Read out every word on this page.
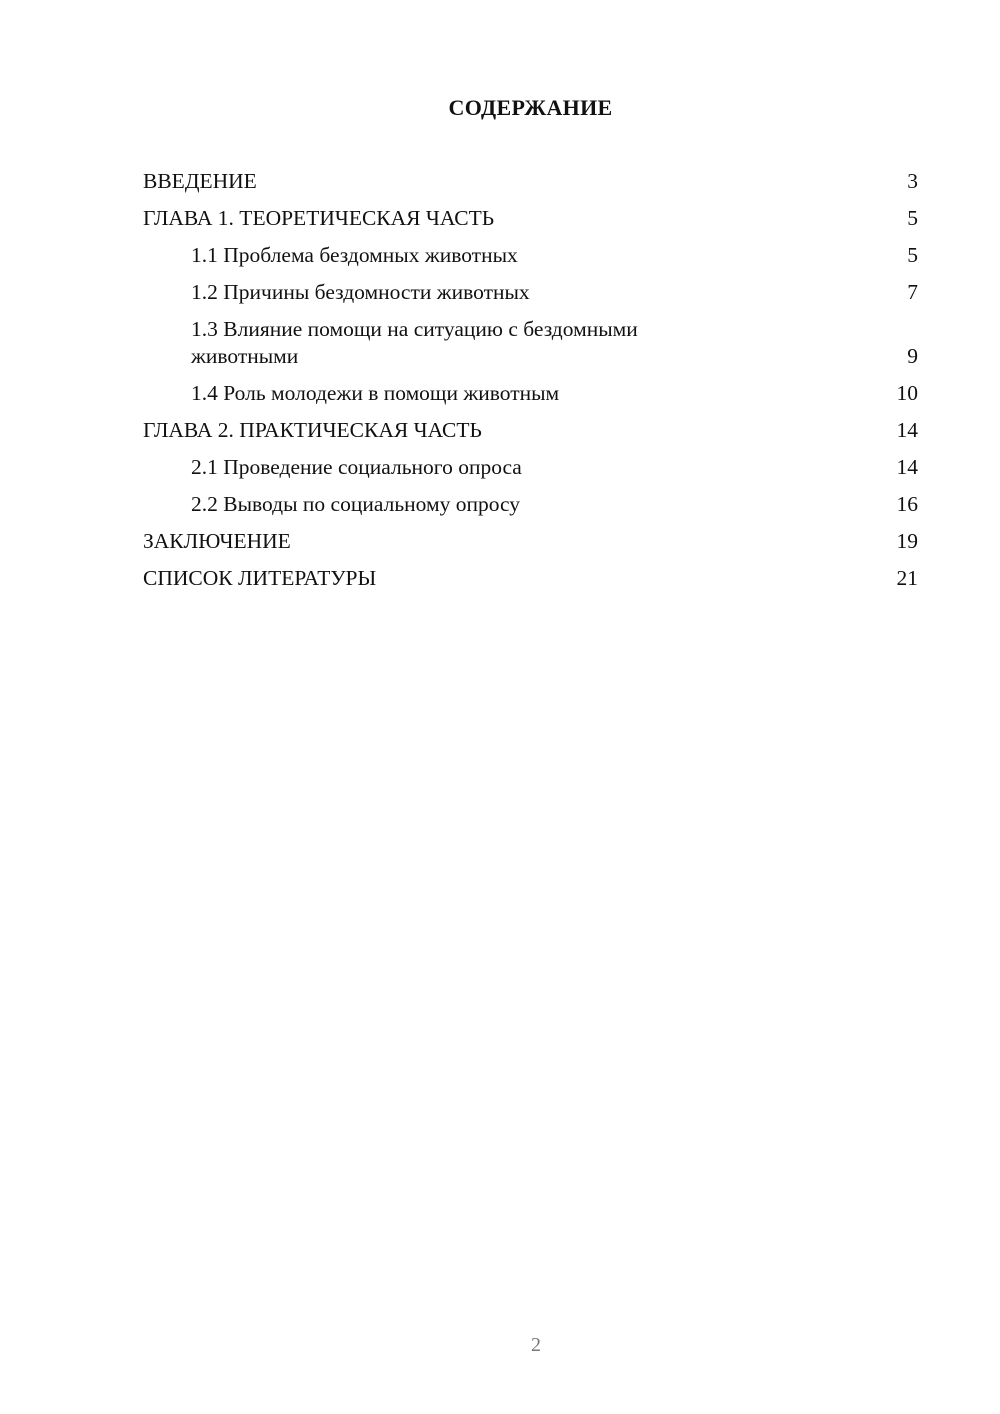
СОДЕРЖАНИЕ
ВВЕДЕНИЕ	3
ГЛАВА 1. ТЕОРЕТИЧЕСКАЯ ЧАСТЬ	5
1.1 Проблема бездомных животных	5
1.2 Причины бездомности животных	7
1.3 Влияние помощи на ситуацию с бездомными
животными	9
1.4 Роль молодежи в помощи животным	10
ГЛАВА 2. ПРАКТИЧЕСКАЯ ЧАСТЬ	14
2.1 Проведение социального опроса	14
2.2 Выводы по социальному опросу	16
ЗАКЛЮЧЕНИЕ	19
СПИСОК ЛИТЕРАТУРЫ	21
2
